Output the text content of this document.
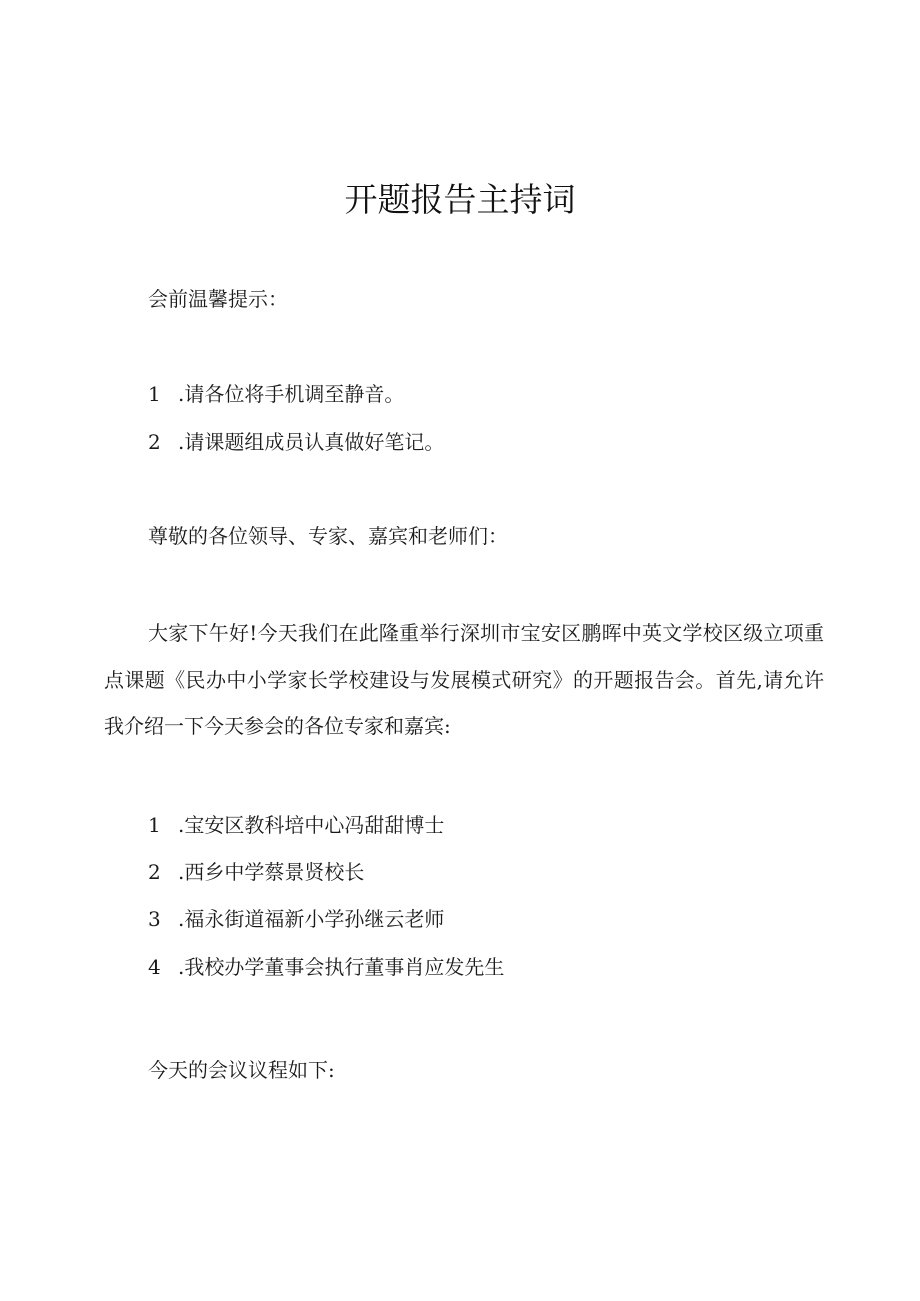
开题报告主持词
会前温馨提示：
1 .请各位将手机调至静音。
2 .请课题组成员认真做好笔记。
尊敬的各位领导、专家、嘉宾和老师们：
大家下午好!今天我们在此隆重举行深圳市宝安区鹏晖中英文学校区级立项重点课题《民办中小学家长学校建设与发展模式研究》的开题报告会。首先,请允许我介绍一下今天参会的各位专家和嘉宾:
1 .宝安区教科培中心冯甜甜博士
2 .西乡中学蔡景贤校长
3 .福永街道福新小学孙继云老师
4 .我校办学董事会执行董事肖应发先生
今天的会议议程如下:
